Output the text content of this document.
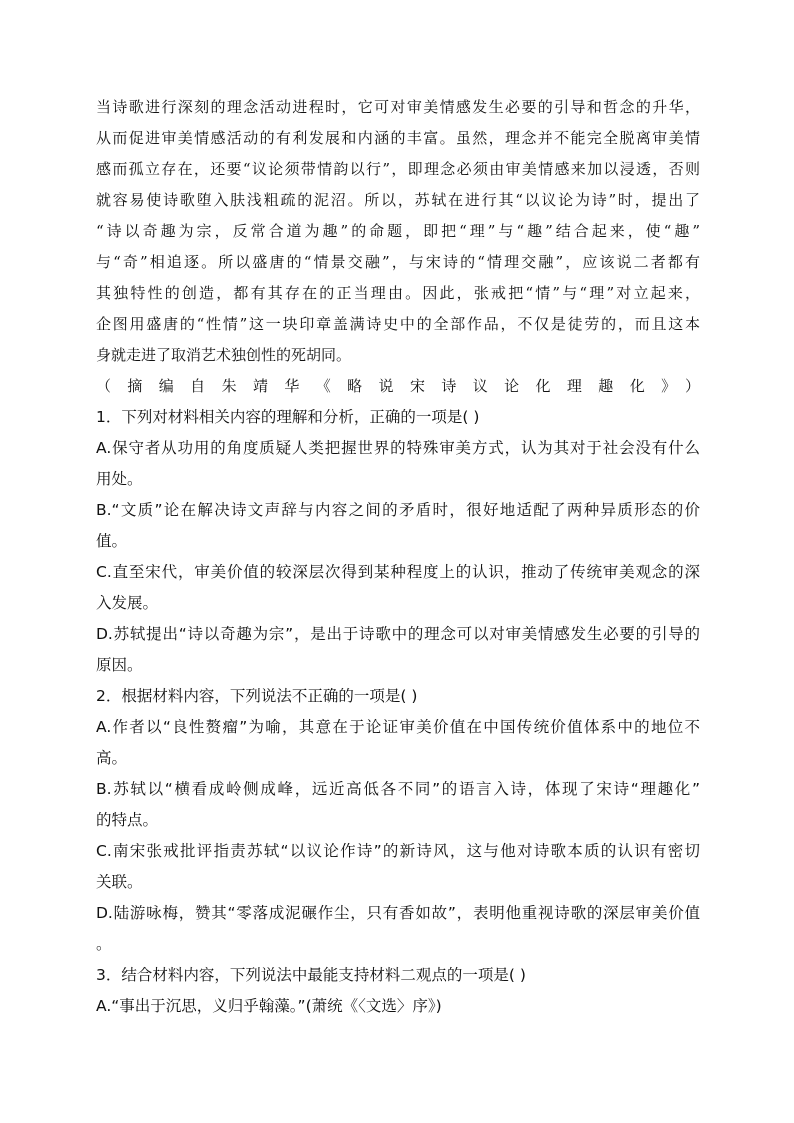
当诗歌进行深刻的理念活动进程时，它可对审美情感发生必要的引导和哲念的升华，

从而促进审美情感活动的有利发展和内涵的丰富。虽然，理念并不能完全脱离审美情

感而孤立存在，还要“议论须带情韵以行”，即理念必须由审美情感来加以浸透，否则

就容易使诗歌堕入肤浅粗疏的泥沼。所以，苏轼在进行其“以议论为诗”时，提出了

“诗以奇趣为宗，反常合道为趣”的命题，即把“理”与“趣”结合起来，使“趣”

与“奇”相追逐。所以盛唐的“情景交融”，与宋诗的“情理交融”，应该说二者都有

其独特性的创造，都有其存在的正当理由。因此，张戒把“情”与“理”对立起来，

企图用盛唐的“性情”这一块印章盖满诗史中的全部作品，不仅是徒劳的，而且这本

身就走进了取消艺术独创性的死胡同。

（摘编自朱靖华《略说宋诗议论化理趣化》）

1．下列对材料相关内容的理解和分析，正确的一项是( )

A.保守者从功用的角度质疑人类把握世界的特殊审美方式，认为其对于社会没有什么

用处。

B.“文质”论在解决诗文声辞与内容之间的矛盾时，很好地适配了两种异质形态的价

值。

C.直至宋代，审美价值的较深层次得到某种程度上的认识，推动了传统审美观念的深

入发展。

D.苏轼提出“诗以奇趣为宗”，是出于诗歌中的理念可以对审美情感发生必要的引导的

原因。

2．根据材料内容，下列说法不正确的一项是( )

A.作者以“良性赘瘤”为喻，其意在于论证审美价值在中国传统价值体系中的地位不

高。

B.苏轼以“横看成岭侧成峰，远近高低各不同”的语言入诗，体现了宋诗“理趣化”

的特点。

C.南宋张戒批评指责苏轼“以议论作诗”的新诗风，这与他对诗歌本质的认识有密切

关联。

D.陆游咏梅，赞其“零落成泥碾作尘，只有香如故”，表明他重视诗歌的深层审美价值

。

3．结合材料内容，下列说法中最能支持材料二观点的一项是( )

A.“事出于沉思，义归乎翰藻。”(萧统《〈文选〉序》)
